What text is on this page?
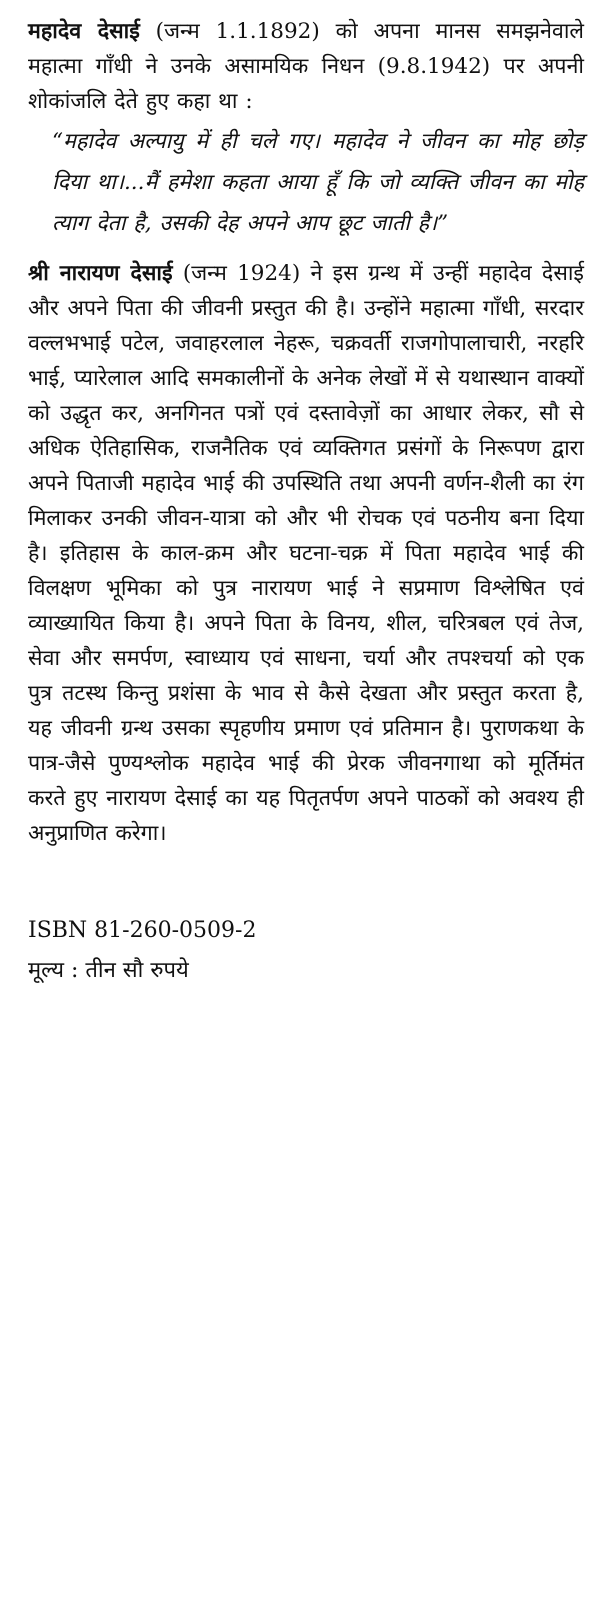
महादेव देसाई (जन्म 1.1.1892) को अपना मानस समझनेवाले महात्मा गाँधी ने उनके असामयिक निधन (9.8.1942) पर अपनी शोकांजलि देते हुए कहा था :

“महादेव अल्पायु में ही चले गए। महादेव ने जीवन का मोह छोड़ दिया था।...मैं हमेशा कहता आया हूँ कि जो व्यक्ति जीवन का मोह त्याग देता है, उसकी देह अपने आप छूट जाती है।”

श्री नारायण देसाई (जन्म 1924) ने इस ग्रन्थ में उन्हीं महादेव देसाई और अपने पिता की जीवनी प्रस्तुत की है। उन्होंने महात्मा गाँधी, सरदार वल्लभभाई पटेल, जवाहरलाल नेहरू, चक्रवर्ती राजगोपालाचारी, नरहरि भाई, प्यारेलाल आदि समकालीनों के अनेक लेखों में से यथास्थान वाक्यों को उद्धृत कर, अनगिनत पत्रों एवं दस्तावेज़ों का आधार लेकर, सौ से अधिक ऐतिहासिक, राजनैतिक एवं व्यक्तिगत प्रसंगों के निरूपण द्वारा अपने पिताजी महादेव भाई की उपस्थिति तथा अपनी वर्णन-शैली का रंग मिलाकर उनकी जीवन-यात्रा को और भी रोचक एवं पठनीय बना दिया है। इतिहास के काल-क्रम और घटना-चक्र में पिता महादेव भाई की विलक्षण भूमिका को पुत्र नारायण भाई ने सप्रमाण विश्लेषित एवं व्याख्यायित किया है। अपने पिता के विनय, शील, चरित्रबल एवं तेज, सेवा और समर्पण, स्वाध्याय एवं साधना, चर्या और तपश्चर्या को एक पुत्र तटस्थ किन्तु प्रशंसा के भाव से कैसे देखता और प्रस्तुत करता है, यह जीवनी ग्रन्थ उसका स्पृहणीय प्रमाण एवं प्रतिमान है। पुराणकथा के पात्र-जैसे पुण्यश्लोक महादेव भाई की प्रेरक जीवनगाथा को मूर्तिमंत करते हुए नारायण देसाई का यह पितृतर्पण अपने पाठकों को अवश्य ही अनुप्राणित करेगा।

ISBN 81-260-0509-2
मूल्य : तीन सौ रुपये
